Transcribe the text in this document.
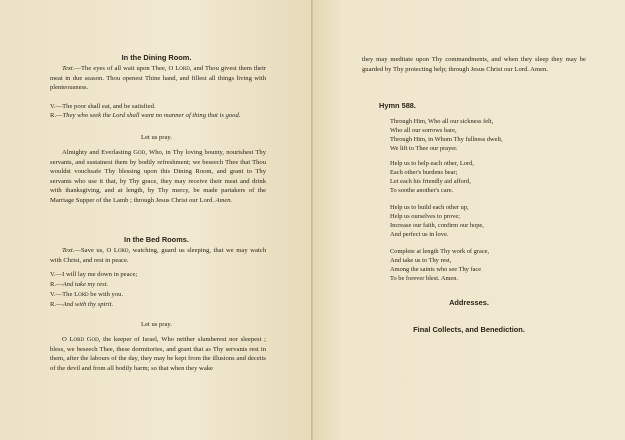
In the Dining Room.

Text.—The eyes of all wait upon Thee, O Lord, and Thou givest them their meat in due season. Thou openest Thine hand, and fillest all things living with plenteousness.

V.—The poor shall eat, and be satisfied.

R.—They who seek the Lord shall want no manner of thing that is good.

Let us pray.

Almighty and Everlasting God, Who, in Thy loving bounty, nourishest Thy servants, and sustainest them by bodily refreshment; we beseech Thee that Thou wouldst vouchsafe Thy blessing upon this Dining Room, and grant to Thy servants who use it that, by Thy grace, they may receive their meat and drink with thanksgiving, and at length, by Thy mercy, be made partakers of the Marriage Supper of the Lamb ; through Jesus Christ our Lord. Amen.

In the Bed Rooms.

Text.—Save us, O Lord, watching, guard us sleeping, that we may watch with Christ, and rest in peace.

V.—I will lay me down in peace;

R.—And take my rest.

V.—The Lord be with you.

R.—And with thy spirit.

Let us pray.

O Lord God, the keeper of Israel, Who neither slumberest nor sleepest ; bless, we beseech Thee, these dormitories, and grant that as Thy servants rest in them, after the labours of the day, they may be kept from the illusions and deceits of the devil and from all bodily harm; so that when they wake

they may meditate upon Thy commandments, and when they sleep they may be guarded by Thy protecting help; through Jesus Christ our Lord. Amen.

Hymn 588.

Through Him, Who all our sickness felt,

Who all our sorrows bare,

Through Him, in Whom Thy fullness dwelt,

We lift to Thee our prayer.

Help us to help each other, Lord,

Each other's burdens bear;

Let each his friendly aid afford,

To soothe another's care.

Help us to build each other up,

Help us ourselves to prove;

Increase our faith, confirm our hope,

And perfect us in love.

Complete at length Thy work of grace,

And take us to Thy rest,

Among the saints who see Thy face

To be forever blest. Amen.

Addresses.

Final Collects, and Benediction.
